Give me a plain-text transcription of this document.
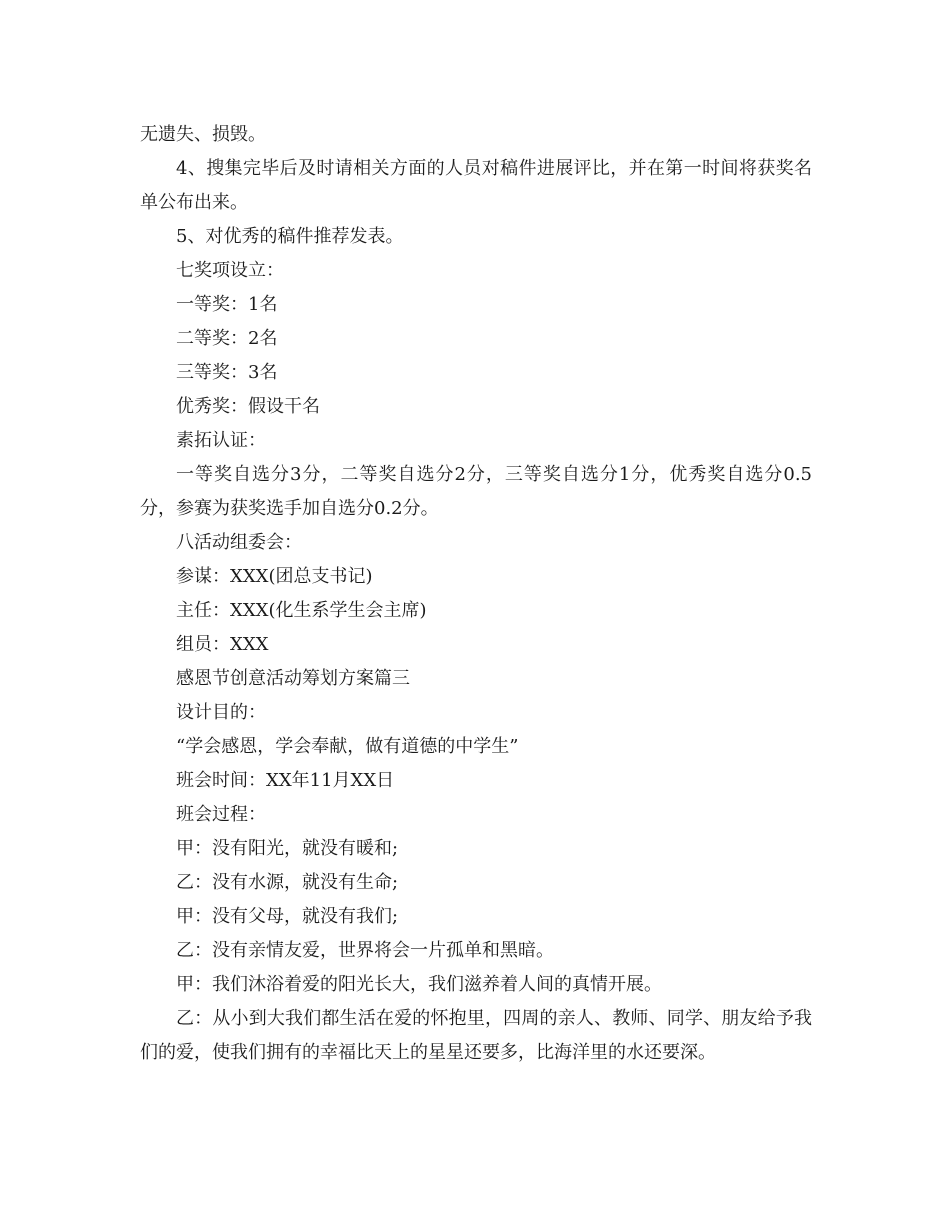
无遗失、损毁。

4、搜集完毕后及时请相关方面的人员对稿件进展评比，并在第一时间将获奖名单公布出来。

5、对优秀的稿件推荐发表。

七奖项设立：

一等奖：1名

二等奖：2名

三等奖：3名

优秀奖：假设干名

素拓认证：

一等奖自选分3分，二等奖自选分2分，三等奖自选分1分，优秀奖自选分0.5分，参赛为获奖选手加自选分0.2分。

八活动组委会：

参谋：XXX(团总支书记)

主任：XXX(化生系学生会主席)

组员：XXX

感恩节创意活动筹划方案篇三

设计目的：

“学会感恩，学会奉献，做有道德的中学生”

班会时间：XX年11月XX日

班会过程：

甲：没有阳光，就没有暖和;

乙：没有水源，就没有生命;

甲：没有父母，就没有我们;

乙：没有亲情友爱，世界将会一片孤单和黑暗。

甲：我们沐浴着爱的阳光长大，我们滋养着人间的真情开展。

乙：从小到大我们都生活在爱的怀抱里，四周的亲人、教师、同学、朋友给予我们的爱，使我们拥有的幸福比天上的星星还要多，比海洋里的水还要深。
